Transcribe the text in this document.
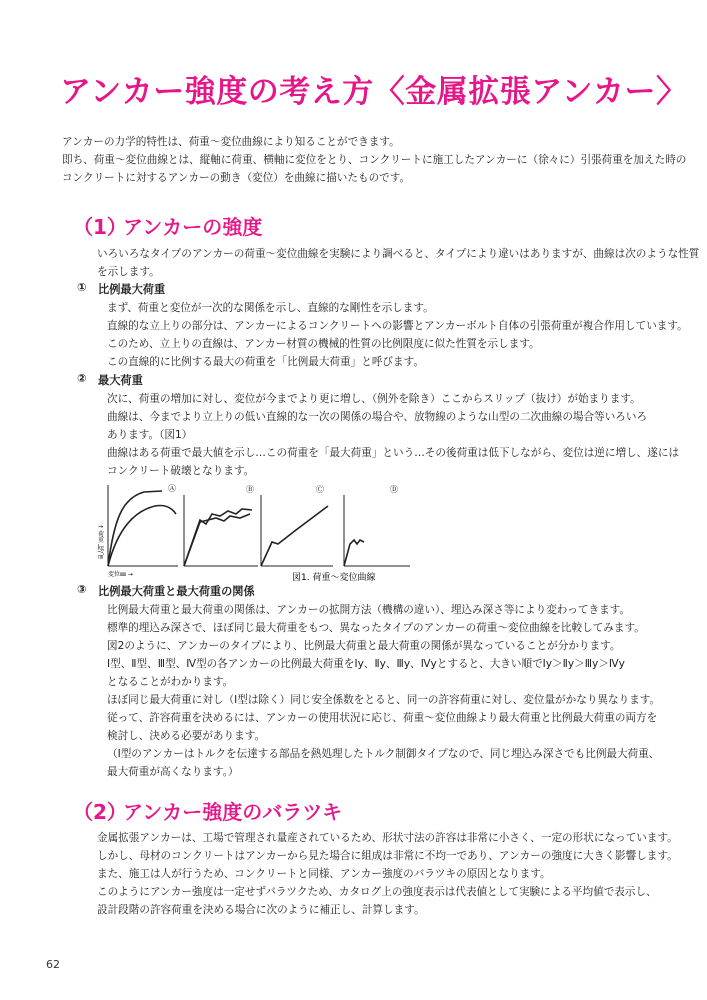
アンカー強度の考え方〈金属拡張アンカー〉
アンカーの力学的特性は、荷重〜変位曲線により知ることができます。
即ち、荷重〜変位曲線とは、縦軸に荷重、横軸に変位をとり、コンクリートに施工したアンカーに（徐々に）引張荷重を加えた時の
コンクリートに対するアンカーの動き（変位）を曲線に描いたものです。
（1）
アンカーの強度
いろいろなタイプのアンカーの荷重〜変位曲線を実験により調べると、タイプにより違いはありますが、曲線は次のような性質
を示します。
① 比例最大荷重
まず、荷重と変位が一次的な関係を示し、直線的な剛性を示します。
直線的な立上りの部分は、アンカーによるコンクリートへの影響とアンカーボルト自体の引張荷重が複合作用しています。
このため、立上りの直線は、アンカー材質の機械的性質の比例限度に似た性質を示します。
この直線的に比例する最大の荷重を「比例最大荷重」と呼びます。
② 最大荷重
次に、荷重の増加に対し、変位が今までより更に増し、（例外を除き）ここからスリップ（抜け）が始まります。
曲線は、今までより立上りの低い直線的な一次の関係の場合や、放物線のような山型の二次曲線の場合等いろいろ
あります。（図1）
曲線はある荷重で最大値を示し…この荷重を「最大荷重」という…その後荷重は低下しながら、変位は逆に増し、遂には
コンクリート破壊となります。
Ⓐ
↑ 荷重 ㎏/㎠
変位㎜ →
Ⓑ	Ⓒ	Ⓓ
図1. 荷重〜変位曲線
③ 比例最大荷重と最大荷重の関係
比例最大荷重と最大荷重の関係は、アンカーの拡開方法（機構の違い）、埋込み深さ等により変わってきます。
標準的埋込み深さで、ほぼ同じ最大荷重をもつ、異なったタイプのアンカーの荷重〜変位曲線を比較してみます。
図2のように、アンカーのタイプにより、比例最大荷重と最大荷重の関係が異なっていることが分かります。
Ⅰ型、Ⅱ型、Ⅲ型、Ⅳ型の各アンカーの比例最大荷重をⅠy、Ⅱy、Ⅲy、Ⅳyとすると、大きい順でⅠy＞Ⅱy＞Ⅲy＞Ⅳy
となることがわかります。
ほぼ同じ最大荷重に対し（Ⅰ型は除く）同じ安全係数をとると、同一の許容荷重に対し、変位量がかなり異なります。
従って、許容荷重を決めるには、アンカーの使用状況に応じ、荷重〜変位曲線より最大荷重と比例最大荷重の両方を
検討し、決める必要があります。
（Ⅰ型のアンカーはトルクを伝達する部品を熱処理したトルク制御タイプなので、同じ埋込み深さでも比例最大荷重、
最大荷重が高くなります。）
（2）
アンカー強度のバラツキ
金属拡張アンカーは、工場で管理され量産されているため、形状寸法の許容は非常に小さく、一定の形状になっています。
しかし、母材のコンクリートはアンカーから見た場合に組成は非常に不均一であり、アンカーの強度に大きく影響します。
また、施工は人が行うため、コンクリートと同様、アンカー強度のバラツキの原因となります。
このようにアンカー強度は一定せずバラツクため、カタログ上の強度表示は代表値として実験による平均値で表示し、
設計段階の許容荷重を決める場合に次のように補正し、計算します。
62
